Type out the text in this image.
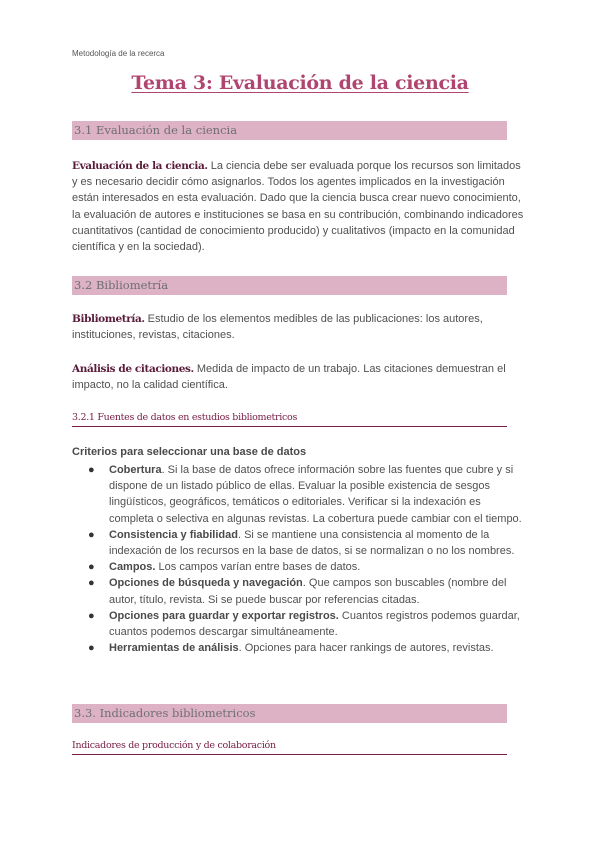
Metodología de la recerca
Tema 3: Evaluación de la ciencia
3.1 Evaluación de la ciencia

Evaluación de la ciencia. La ciencia debe ser evaluada porque los recursos son limitados y es necesario decidir cómo asignarlos. Todos los agentes implicados en la investigación están interesados en esta evaluación. Dado que la ciencia busca crear nuevo conocimiento, la evaluación de autores e instituciones se basa en su contribución, combinando indicadores cuantitativos (cantidad de conocimiento producido) y cualitativos (impacto en la comunidad científica y en la sociedad).

3.2 Bibliometría

Bibliometría. Estudio de los elementos medibles de las publicaciones: los autores, instituciones, revistas, citaciones.

Análisis de citaciones. Medida de impacto de un trabajo. Las citaciones demuestran el impacto, no la calidad científica.

3.2.1 Fuentes de datos en estudios bibliometricos
Criterios para seleccionar una base de datos
● Cobertura. Si la base de datos ofrece información sobre las fuentes que cubre y si dispone de un listado público de ellas. Evaluar la posible existencia de sesgos lingüísticos, geográficos, temáticos o editoriales. Verificar si la indexación es completa o selectiva en algunas revistas. La cobertura puede cambiar con el tiempo.
● Consistencia y fiabilidad. Si se mantiene una consistencia al momento de la indexación de los recursos en la base de datos, si se normalizan o no los nombres.
● Campos. Los campos varían entre bases de datos.
● Opciones de búsqueda y navegación. Que campos son buscables (nombre del autor, título, revista. Si se puede buscar por referencias citadas.
● Opciones para guardar y exportar registros. Cuantos registros podemos guardar, cuantos podemos descargar simultáneamente.
● Herramientas de análisis. Opciones para hacer rankings de autores, revistas.
3.3. Indicadores bibliometricos
Indicadores de producción y de colaboración
